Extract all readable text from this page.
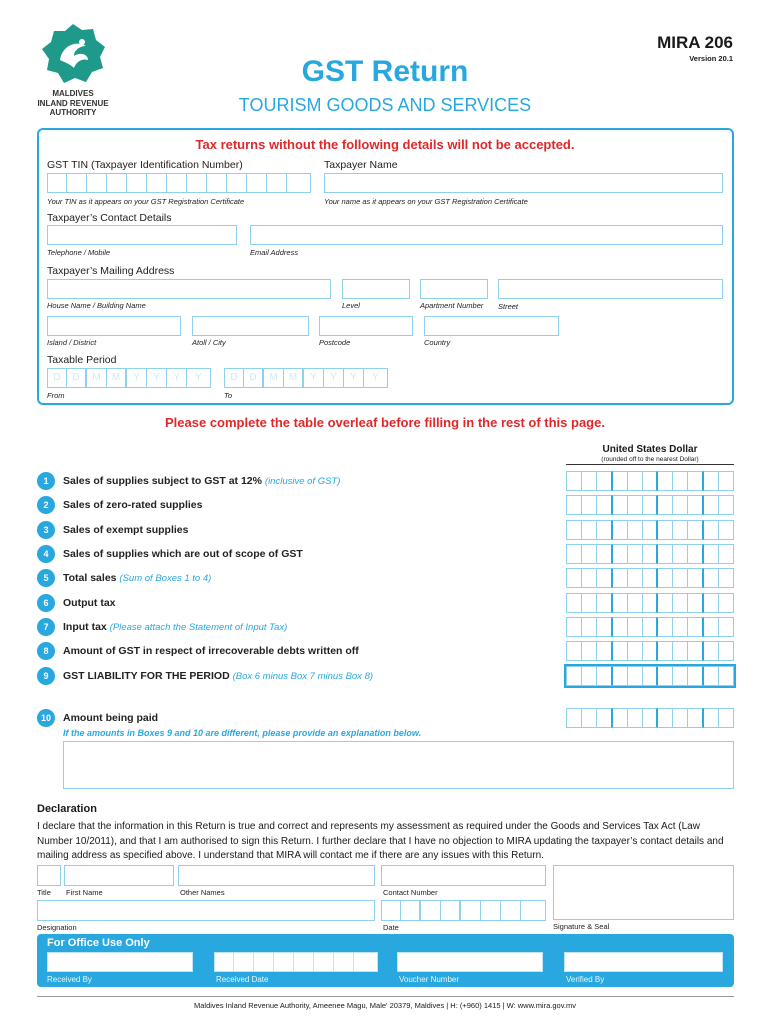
MALDIVES
INLAND REVENUE
AUTHORITY
GST Return
TOURISM GOODS AND SERVICES
MIRA 206
Version 20.1
Tax returns without the following details will not be accepted.
GST TIN (Taxpayer Identification Number)
Your TIN as it appears on your GST Registration Certificate
Taxpayer Name
Your name as it appears on your GST Registration Certificate
Taxpayer’s Contact Details
Telephone / Mobile	Email Address
Taxpayer’s Mailing Address
House Name / Building Name	Level	Apartment Number Street
Island / District	Atoll / City	Postcode	Country
Taxable Period
D	D	M	M	Y	Y	Y	Y
From
D	D	M	M	Y	Y	Y	Y
To
Please complete the table overleaf before filling in the rest of this page.
United States Dollar
(rounded off to the nearest Dollar)
1	Sales of supplies subject to GST at 12% (inclusive of GST)
2	Sales of zero-rated supplies
3	Sales of exempt supplies
4	Sales of supplies which are out of scope of GST
5	Total sales (Sum of Boxes 1 to 4)
6	Output tax
7	Input tax (Please attach the Statement of Input Tax)
8	Amount of GST in respect of irrecoverable debts written off
9	GST LIABILITY FOR THE PERIOD (Box 6 minus Box 7 minus Box 8)
10	Amount being paid
If the amounts in Boxes 9 and 10 are different, please provide an explanation below.
Declaration
I declare that the information in this Return is true and correct and represents my assessment as required under the Goods and Services Tax Act (Law Number 10/2011), and that I am authorised to sign this Return. I further declare that I have no objection to MIRA updating the taxpayer’s contact details and mailing address as specified above. I understand that MIRA will contact me if there are any issues with this Return.
Title First Name	Other Names	Contact Number
Signature & Seal
Designation	Date
For Office Use Only
Received By	Received Date	Voucher Number	Verified By
Maldives Inland Revenue Authority, Ameenee Magu, Male' 20379, Maldives | H: (+960) 1415 | W: www.mira.gov.mv
